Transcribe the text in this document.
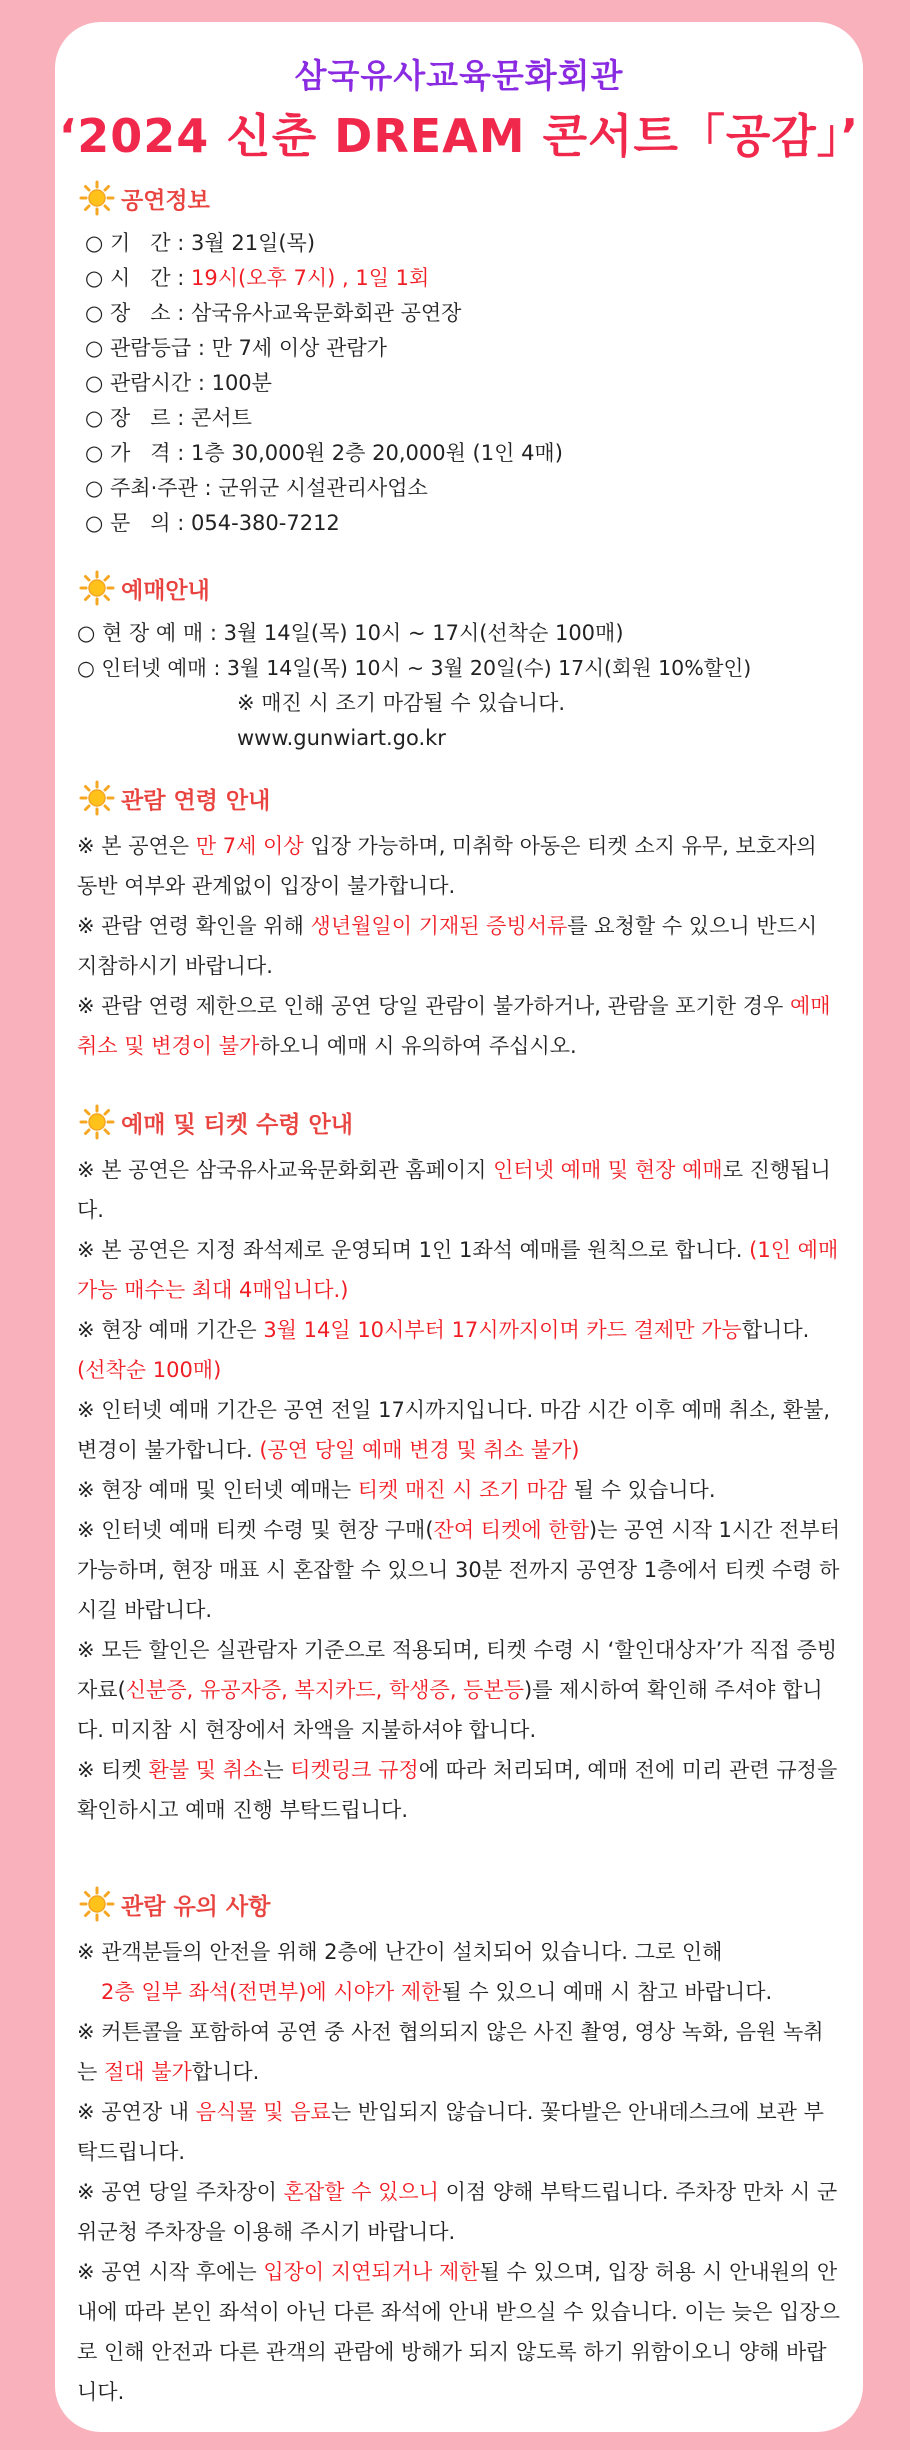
삼국유사교육문화회관
‘2024 신춘 DREAM 콘서트「공감」’
공연정보
○ 기   간 : 3월 21일(목)
○ 시   간 : 19시(오후 7시) , 1일 1회
○ 장   소 : 삼국유사교육문화회관 공연장
○ 관람등급 : 만 7세 이상 관람가
○ 관람시간 : 100분
○ 장   르 : 콘서트
○ 가   격 : 1층 30,000원 2층 20,000원 (1인 4매)
○ 주최·주관 : 군위군 시설관리사업소
○ 문   의 : 054-380-7212
예매안내
○ 현 장 예 매 : 3월 14일(목) 10시 ~ 17시(선착순 100매)
○ 인터넷 예매 : 3월 14일(목) 10시 ~ 3월 20일(수) 17시(회원 10%할인)
※ 매진 시 조기 마감될 수 있습니다.
www.gunwiart.go.kr
관람 연령 안내
※ 본 공연은 만 7세 이상 입장 가능하며, 미취학 아동은 티켓 소지 유무, 보호자의 동반 여부와 관계없이 입장이 불가합니다.
※ 관람 연령 확인을 위해 생년월일이 기재된 증빙서류를 요청할 수 있으니 반드시 지참하시기 바랍니다.
※ 관람 연령 제한으로 인해 공연 당일 관람이 불가하거나, 관람을 포기한 경우 예매 취소 및 변경이 불가하오니 예매 시 유의하여 주십시오.
예매 및 티켓 수령 안내
※ 본 공연은 삼국유사교육문화회관 홈페이지 인터넷 예매 및 현장 예매로 진행됩니다.
※ 본 공연은 지정 좌석제로 운영되며 1인 1좌석 예매를 원칙으로 합니다. (1인 예매 가능 매수는 최대 4매입니다.)
※ 현장 예매 기간은 3월 14일 10시부터 17시까지이며 카드 결제만 가능합니다. (선착순 100매)
※ 인터넷 예매 기간은 공연 전일 17시까지입니다. 마감 시간 이후 예매 취소, 환불, 변경이 불가합니다. (공연 당일 예매 변경 및 취소 불가)
※ 현장 예매 및 인터넷 예매는 티켓 매진 시 조기 마감 될 수 있습니다.
※ 인터넷 예매 티켓 수령 및 현장 구매(잔여 티켓에 한함)는 공연 시작 1시간 전부터 가능하며, 현장 매표 시 혼잡할 수 있으니 30분 전까지 공연장 1층에서 티켓 수령 하시길 바랍니다.
※ 모든 할인은 실관람자 기준으로 적용되며, 티켓 수령 시 ‘할인대상자’가 직접 증빙자료(신분증, 유공자증, 복지카드, 학생증, 등본등)를 제시하여 확인해 주셔야 합니다. 미지참 시 현장에서 차액을 지불하셔야 합니다.
※ 티켓 환불 및 취소는 티켓링크 규정에 따라 처리되며, 예매 전에 미리 관련 규정을 확인하시고 예매 진행 부탁드립니다.
관람 유의 사항
※ 관객분들의 안전을 위해 2층에 난간이 설치되어 있습니다. 그로 인해
2층 일부 좌석(전면부)에 시야가 제한될 수 있으니 예매 시 참고 바랍니다.
※ 커튼콜을 포함하여 공연 중 사전 협의되지 않은 사진 촬영, 영상 녹화, 음원 녹취는 절대 불가합니다.
※ 공연장 내 음식물 및 음료는 반입되지 않습니다. 꽃다발은 안내데스크에 보관 부탁드립니다.
※ 공연 당일 주차장이 혼잡할 수 있으니 이점 양해 부탁드립니다. 주차장 만차 시 군위군청 주차장을 이용해 주시기 바랍니다.
※ 공연 시작 후에는 입장이 지연되거나 제한될 수 있으며, 입장 허용 시 안내원의 안내에 따라 본인 좌석이 아닌 다른 좌석에 안내 받으실 수 있습니다. 이는 늦은 입장으로 인해 안전과 다른 관객의 관람에 방해가 되지 않도록 하기 위함이오니 양해 바랍니다.
